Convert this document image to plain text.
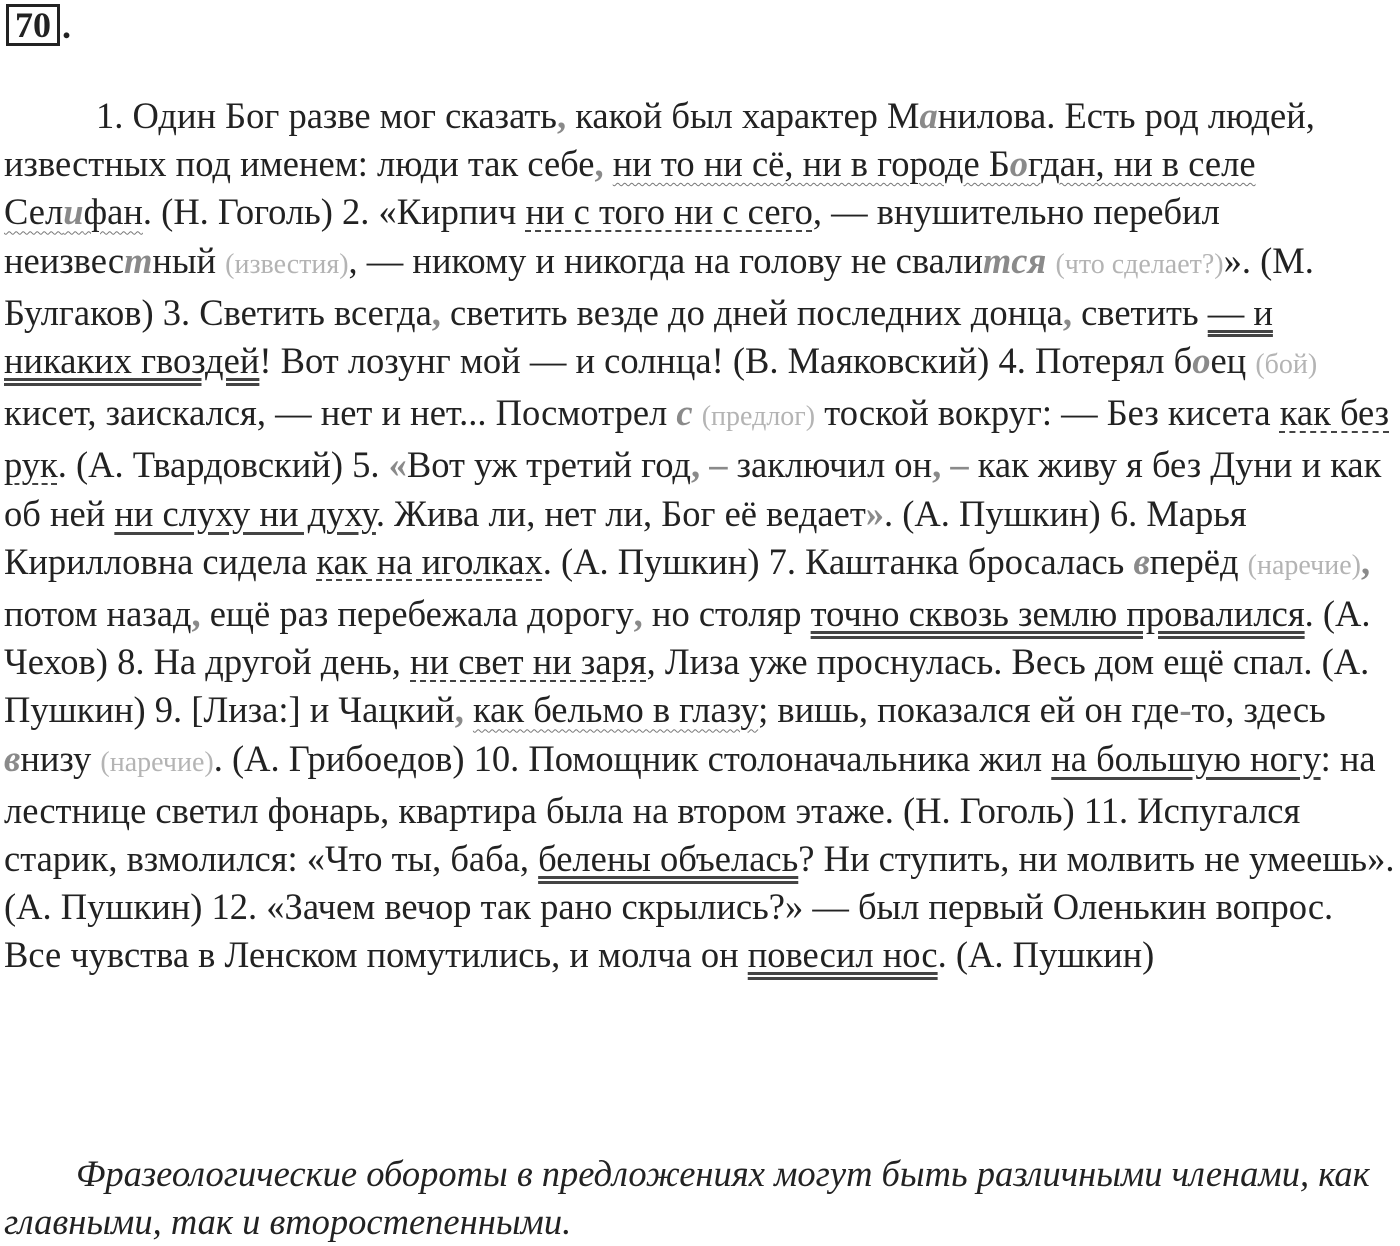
70 .

1. Один Бог разве мог сказать, какой был характер Манилова. Есть род людей, известных под именем: люди так себе, ни то ни сё, ни в городе Богдан, ни в селе Селифан. (Н. Гоголь) 2. «Кирпич ни с того ни с сего, — внушительно перебил неизвестный (известия), — никому и никогда на голову не свалится (что сделает?)». (М. Булгаков) 3. Светить всегда, светить везде до дней последних донца, светить — и никаких гвоздей! Вот лозунг мой — и солнца! (В. Маяковский) 4. Потерял боец (бой) кисет, заискался, — нет и нет... Посмотрел с (предлог) тоской вокруг: — Без кисета как без рук. (А. Твардовский) 5. «Вот уж третий год, – заключил он, – как живу я без Дуни и как об ней ни слуху ни духу. Жива ли, нет ли, Бог её ведает». (А. Пушкин) 6. Марья Кирилловна сидела как на иголках. (А. Пушкин) 7. Каштанка бросалась вперёд (наречие), потом назад, ещё раз перебежала дорогу, но столяр точно сквозь землю провалился. (А. Чехов) 8. На другой день, ни свет ни заря, Лиза уже проснулась. Весь дом ещё спал. (А. Пушкин) 9. [Лиза:] и Чацкий, как бельмо в глазу; вишь, показался ей он где-то, здесь внизу (наречие). (А. Грибоедов) 10. Помощник столоначальника жил на большую ногу: на лестнице светил фонарь, квартира была на втором этаже. (Н. Гоголь) 11. Испугался старик, взмолился: «Что ты, баба, белены объелась? Ни ступить, ни молвить не умеешь». (А. Пушкин) 12. «Зачем вечор так рано скрылись?» — был первый Оленькин вопрос. Все чувства в Ленском помутились, и молча он повесил нос. (А. Пушкин)

Фразеологические обороты в предложениях могут быть различными членами, как главными, так и второстепенными.
